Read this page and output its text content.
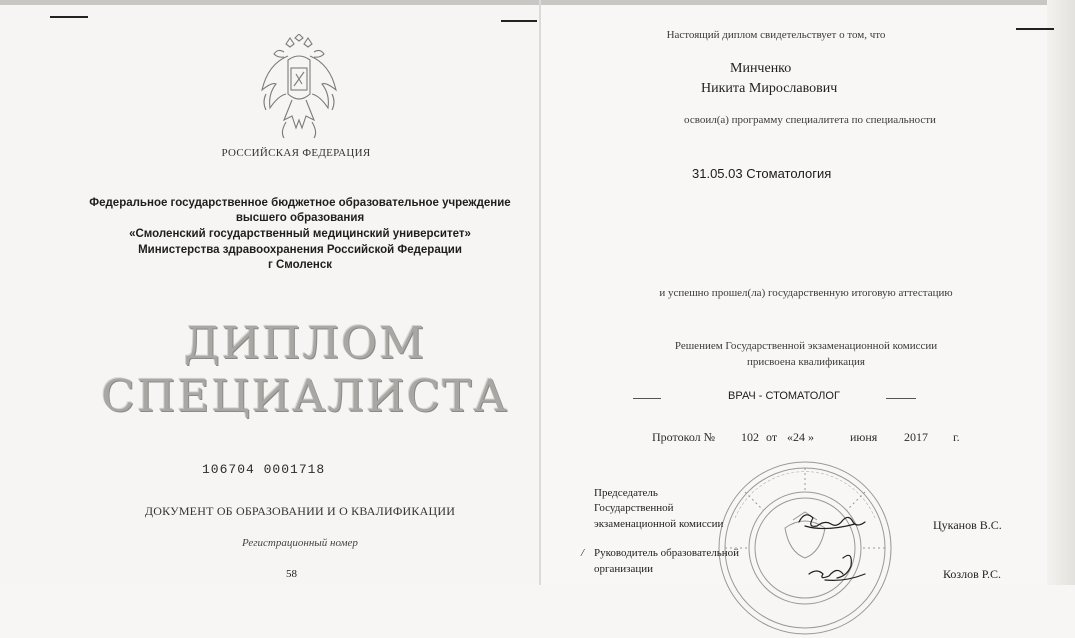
РОССИЙСКАЯ ФЕДЕРАЦИЯ
Федеральное государственное бюджетное образовательное учреждение
высшего образования
«Смоленский государственный медицинский университет»
Министерства здравоохранения Российской Федерации
г Смоленск
ДИПЛОМ
СПЕЦИАЛИСТА
106704 0001718
ДОКУМЕНТ ОБ ОБРАЗОВАНИИ И О КВАЛИФИКАЦИИ
Регистрационный номер
58
Настоящий диплом свидетельствует о том, что
Минченко
Никита Мирославович
освоил(а) программу специалитета по специальности
31.05.03 Стоматология
и успешно прошел(ла) государственную итоговую аттестацию
Решением Государственной экзаменационной комиссии
присвоена квалификация
ВРАЧ - СТОМАТОЛОГ
Протокол № 102 от «24 »	июня 2017 г.
Председатель
Государственной
экзаменационной комиссии	Цуканов В.С.
/ Руководитель образовательной
организации	Козлов Р.С.
